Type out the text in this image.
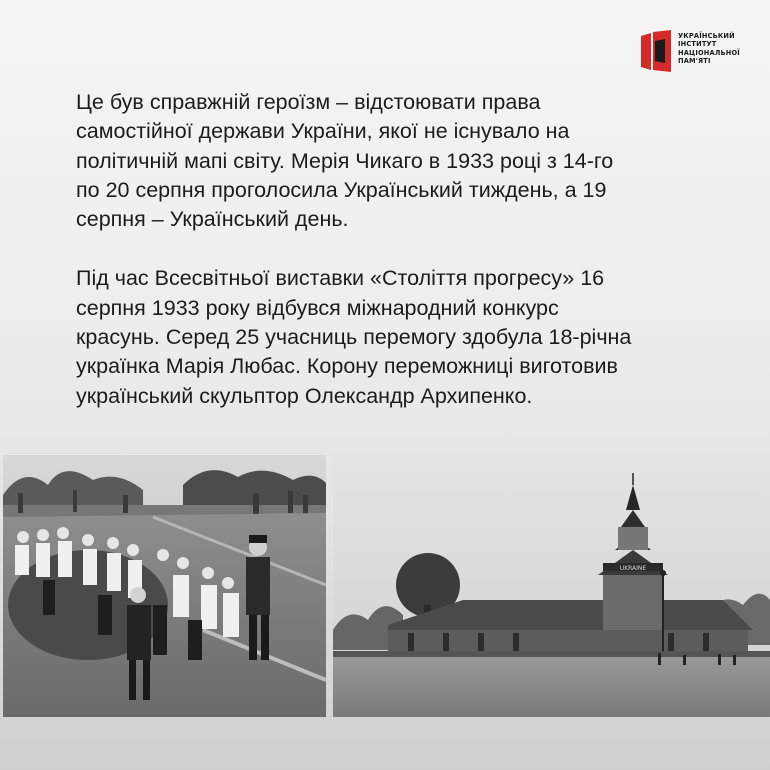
УКРАЇНСЬКИЙ
ІНСТИТУТ
НАЦІОНАЛЬНОЇ
ПАМ'ЯТІ

Це був справжній героїзм – відстоювати права
самостійної держави України, якої не існувало на
політичній мапі світу. Мерія Чикаго в 1933 році з 14-го
по 20 серпня проголосила Український тиждень, а 19
серпня – Український день.

Під час Всесвітньої виставки «Століття прогресу» 16
серпня 1933 року відбувся міжнародний конкурс
красунь. Серед 25 учасниць перемогу здобула 18-річна
українка Марія Любас. Корону переможниці виготовив
український скульптор Олександр Архипенко.

UKRAINE
